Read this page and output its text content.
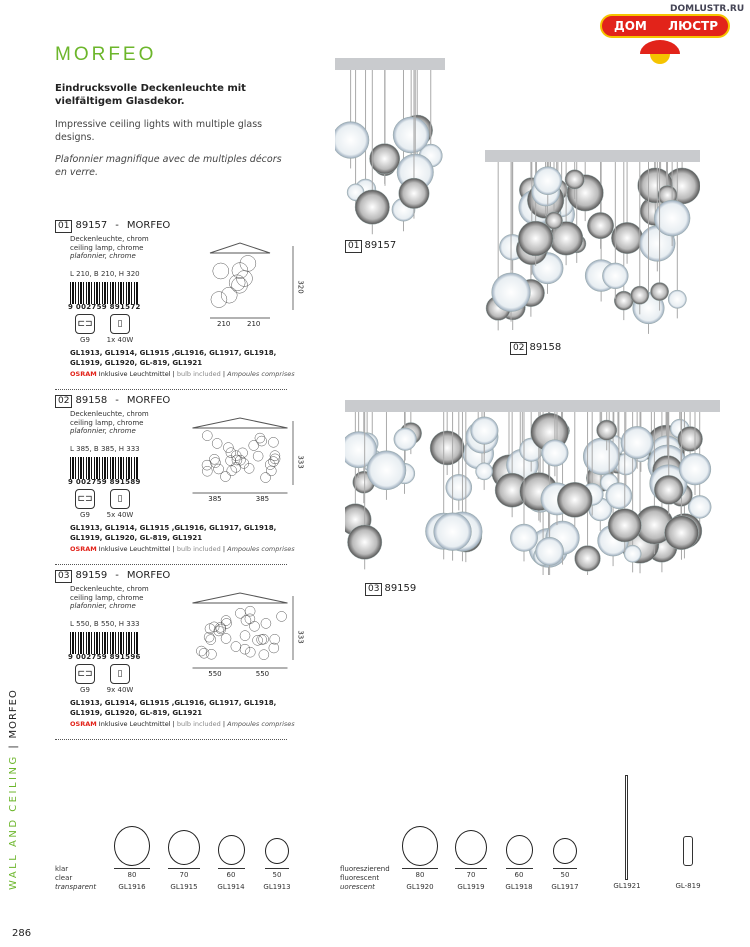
DOMLUSTR.RU
ДОМ ЛЮСТР
MORFEO
Eindrucksvolle Deckenleuchte mit vielfältigem Glasdekor.
Impressive ceiling lights with multiple glass designs.
Plafonnier magnifique avec de multiples décors en verre.
01 89157 - MORFEO
Deckenleuchte, chrom
ceiling lamp, chrome
plafonnier, chrome
L 210, B 210, H 320
9 002759 891572
⊏⊐	▯
G9	1x 40W
GL1913, GL1914, GL1915 ,GL1916, GL1917, GL1918, GL1919, GL1920, GL-819, GL1921
OSRAM Inklusive Leuchtmittel | bulb included | Ampoules comprises
210 210
320
02 89158 - MORFEO
Deckenleuchte, chrom
ceiling lamp, chrome
plafonnier, chrome
L 385, B 385, H 333
9 002759 891589
⊏⊐	▯
G9	5x 40W
GL1913, GL1914, GL1915 ,GL1916, GL1917, GL1918, GL1919, GL1920, GL-819, GL1921
OSRAM Inklusive Leuchtmittel | bulb included | Ampoules comprises
385	385
333
03 89159 - MORFEO
Deckenleuchte, chrom
ceiling lamp, chrome
plafonnier, chrome
L 550, B 550, H 333
9 002759 891596
⊏⊐	▯
G9	9x 40W
GL1913, GL1914, GL1915 ,GL1916, GL1917, GL1918, GL1919, GL1920, GL-819, GL1921
OSRAM Inklusive Leuchtmittel | bulb included | Ampoules comprises
550	550
333
01 89157
02 89158
03 89159
klar
clear
transparent
80
GL1916
70
GL1915
60
GL1914
50
GL1913
fluoreszierend
fluorescent
uorescent
80
GL1920
70
GL1919
60
GL1918
50
GL1917	GL1921	GL-819
WALL AND CEILING | MORFEO
286
